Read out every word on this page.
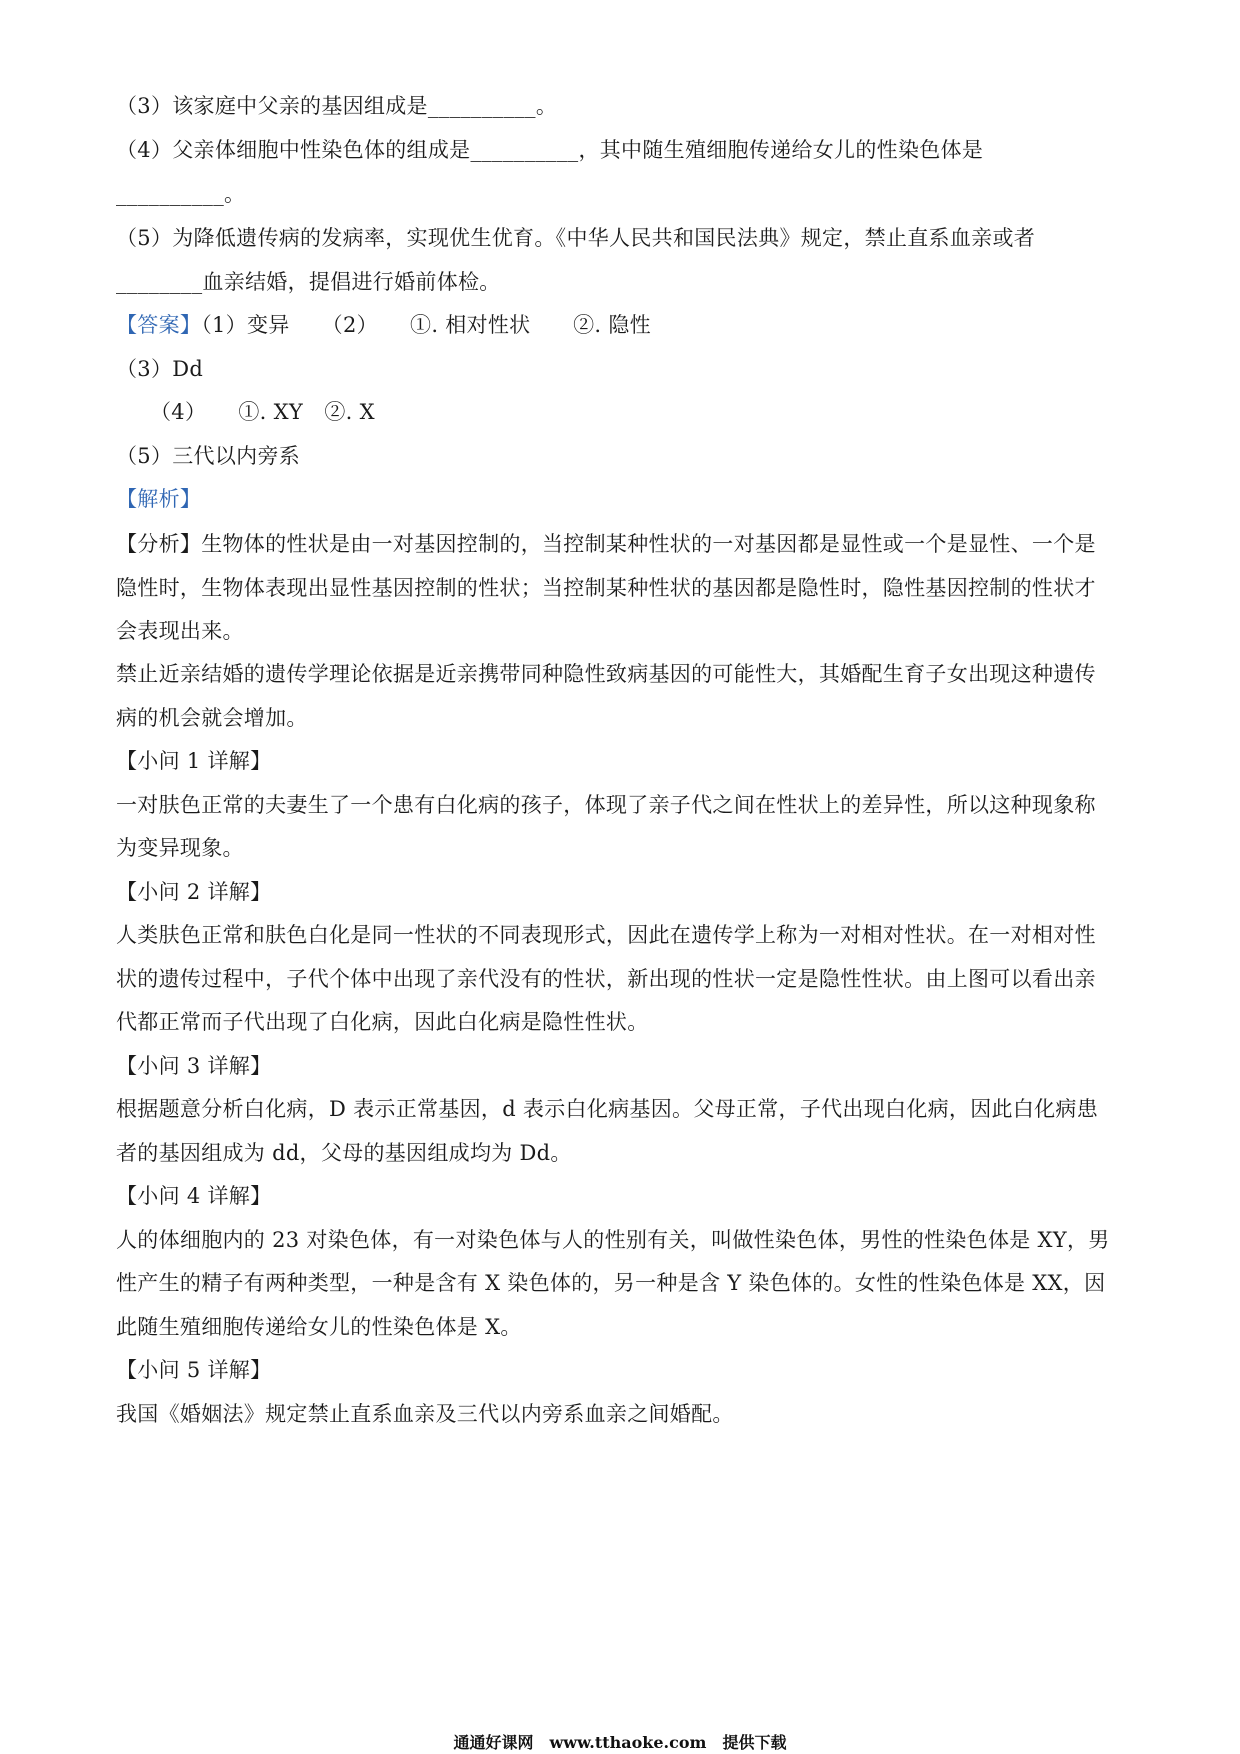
（3）该家庭中父亲的基因组成是__________。
（4）父亲体细胞中性染色体的组成是__________，其中随生殖细胞传递给女儿的性染色体是
__________。
（5）为降低遗传病的发病率，实现优生优育。《中华人民共和国民法典》规定，禁止直系血亲或者
________血亲结婚，提倡进行婚前体检。
【答案】（1）变异　　（2）　　①. 相对性状　　②. 隐性
（3）Dd
（4）　　①. XY　②. X
（5）三代以内旁系
【解析】
【分析】生物体的性状是由一对基因控制的，当控制某种性状的一对基因都是显性或一个是显性、一个是
隐性时，生物体表现出显性基因控制的性状；当控制某种性状的基因都是隐性时，隐性基因控制的性状才
会表现出来。
禁止近亲结婚的遗传学理论依据是近亲携带同种隐性致病基因的可能性大，其婚配生育子女出现这种遗传
病的机会就会增加。
【小问 1 详解】
一对肤色正常的夫妻生了一个患有白化病的孩子，体现了亲子代之间在性状上的差异性，所以这种现象称
为变异现象。
【小问 2 详解】
人类肤色正常和肤色白化是同一性状的不同表现形式，因此在遗传学上称为一对相对性状。在一对相对性
状的遗传过程中，子代个体中出现了亲代没有的性状，新出现的性状一定是隐性性状。由上图可以看出亲
代都正常而子代出现了白化病，因此白化病是隐性性状。
【小问 3 详解】
根据题意分析白化病，D 表示正常基因，d 表示白化病基因。父母正常，子代出现白化病，因此白化病患
者的基因组成为 dd，父母的基因组成均为 Dd。
【小问 4 详解】
人的体细胞内的 23 对染色体，有一对染色体与人的性别有关，叫做性染色体，男性的性染色体是 XY，男
性产生的精子有两种类型，一种是含有 X 染色体的，另一种是含 Y 染色体的。女性的性染色体是 XX，因
此随生殖细胞传递给女儿的性染色体是 X。
【小问 5 详解】
我国《婚姻法》规定禁止直系血亲及三代以内旁系血亲之间婚配。
通通好课网　www.tthaoke.com　提供下载
